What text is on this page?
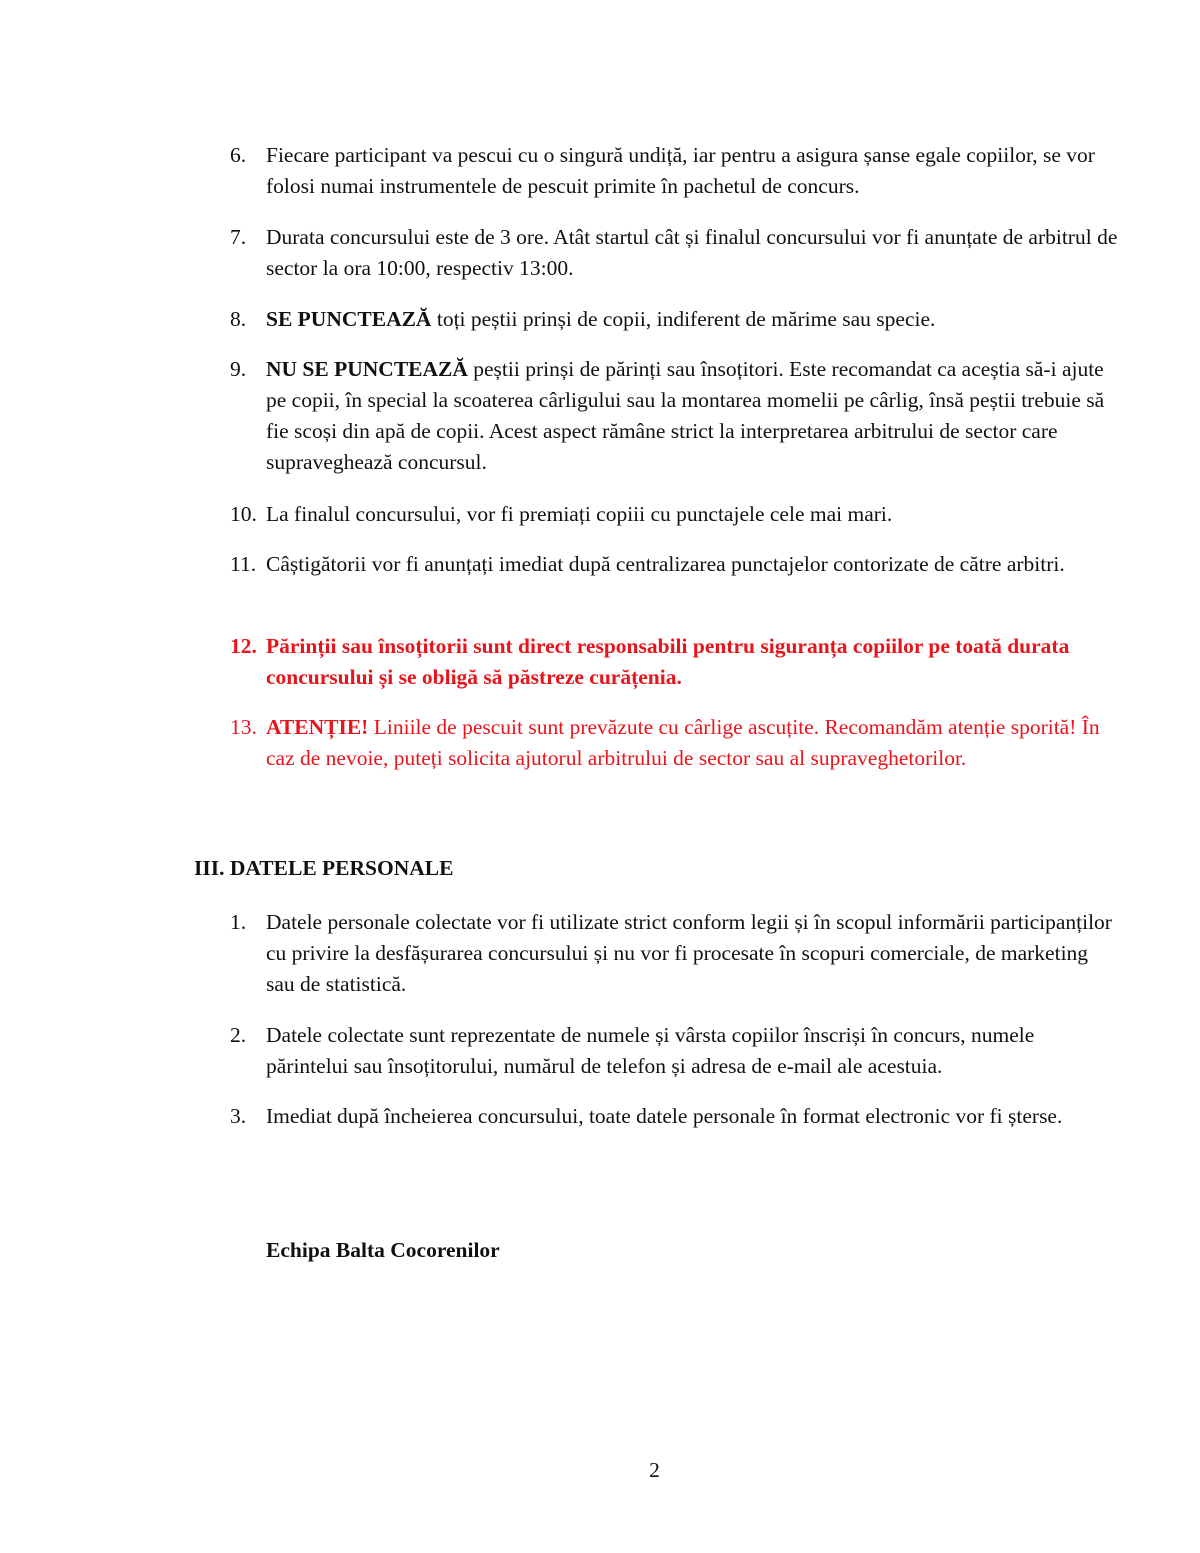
6. Fiecare participant va pescui cu o singură undiță, iar pentru a asigura șanse egale copiilor, se vor folosi numai instrumentele de pescuit primite în pachetul de concurs.
7. Durata concursului este de 3 ore. Atât startul cât și finalul concursului vor fi anunțate de arbitrul de sector la ora 10:00, respectiv 13:00.
8. SE PUNCTEAZĂ toți peștii prinși de copii, indiferent de mărime sau specie.
9. NU SE PUNCTEAZĂ peștii prinși de părinți sau însoțitori. Este recomandat ca aceștia să-i ajute pe copii, în special la scoaterea cârligului sau la montarea momelii pe cârlig, însă peștii trebuie să fie scoși din apă de copii. Acest aspect rămâne strict la interpretarea arbitrului de sector care supraveghează concursul.
10. La finalul concursului, vor fi premiați copiii cu punctajele cele mai mari.
11. Câștigătorii vor fi anunțați imediat după centralizarea punctajelor contorizate de către arbitri.
12. Părinții sau însoțitorii sunt direct responsabili pentru siguranța copiilor pe toată durata concursului și se obligă să păstreze curățenia.
13. ATENȚIE! Liniile de pescuit sunt prevăzute cu cârlige ascuțite. Recomandăm atenție sporită! În caz de nevoie, puteți solicita ajutorul arbitrului de sector sau al supraveghetorilor.
III. DATELE PERSONALE
1. Datele personale colectate vor fi utilizate strict conform legii și în scopul informării participanților cu privire la desfășurarea concursului și nu vor fi procesate în scopuri comerciale, de marketing sau de statistică.
2. Datele colectate sunt reprezentate de numele și vârsta copiilor înscriși în concurs, numele părintelui sau însoțitorului, numărul de telefon și adresa de e-mail ale acestuia.
3. Imediat după încheierea concursului, toate datele personale în format electronic vor fi șterse.
Echipa Balta Cocorenilor
2
